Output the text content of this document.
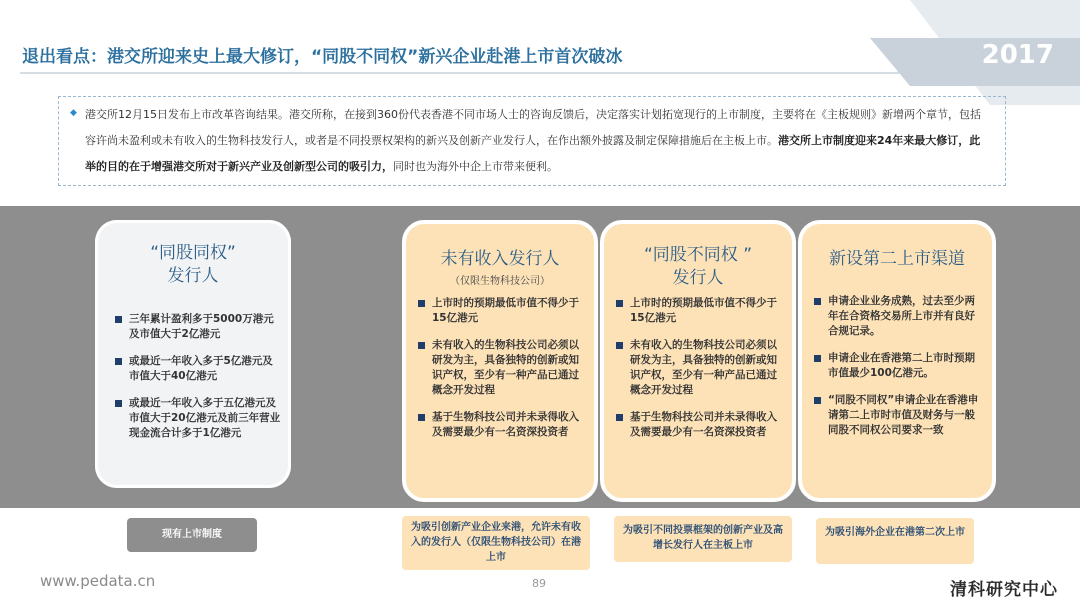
退出看点：港交所迎来史上最大修订，“同股不同权”新兴企业赴港上市首次破冰	2017
◆ 港交所12月15日发布上市改革咨询结果。港交所称，在接到360份代表香港不同市场人士的咨询反馈后，决定落实计划拓宽现行的上市制度，主要将在《主板规则》新增两个章节，包括容许尚未盈利或未有收入的生物科技发行人，或者是不同投票权架构的新兴及创新产业发行人，在作出额外披露及制定保障措施后在主板上市。港交所上市制度迎来24年来最大修订，此举的目的在于增强港交所对于新兴产业及创新型公司的吸引力，同时也为海外中企上市带来便利。
“同股同权”
发行人
三年累计盈利多于5000万港元及市值大于2亿港元
或最近一年收入多于5亿港元及市值大于40亿港元
或最近一年收入多于五亿港元及市值大于20亿港元及前三年营业现金流合计多于1亿港元
未有收入发行人
（仅限生物科技公司）
上市时的预期最低市值不得少于15亿港元
未有收入的生物科技公司必须以研发为主，具备独特的创新或知识产权，至少有一种产品已通过概念开发过程
基于生物科技公司并未录得收入及需要最少有一名资深投资者
“同股不同权 ”
发行人
上市时的预期最低市值不得少于15亿港元
未有收入的生物科技公司必须以研发为主，具备独特的创新或知识产权，至少有一种产品已通过概念开发过程
基于生物科技公司并未录得收入及需要最少有一名资深投资者
新设第二上市渠道
申请企业业务成熟，过去至少两年在合资格交易所上市并有良好合规记录。
申请企业在香港第二上市时预期市值最少100亿港元。
“同股不同权”申请企业在香港申请第二上市时市值及财务与一般同股不同权公司要求一致
现有上市制度
为吸引创新产业企业来港，允许未有收入的发行人（仅限生物科技公司）在港上市
为吸引不同投票框架的创新产业及高增长发行人在主板上市
为吸引海外企业在港第二次上市
www.pedata.cn	89	清科研究中心
